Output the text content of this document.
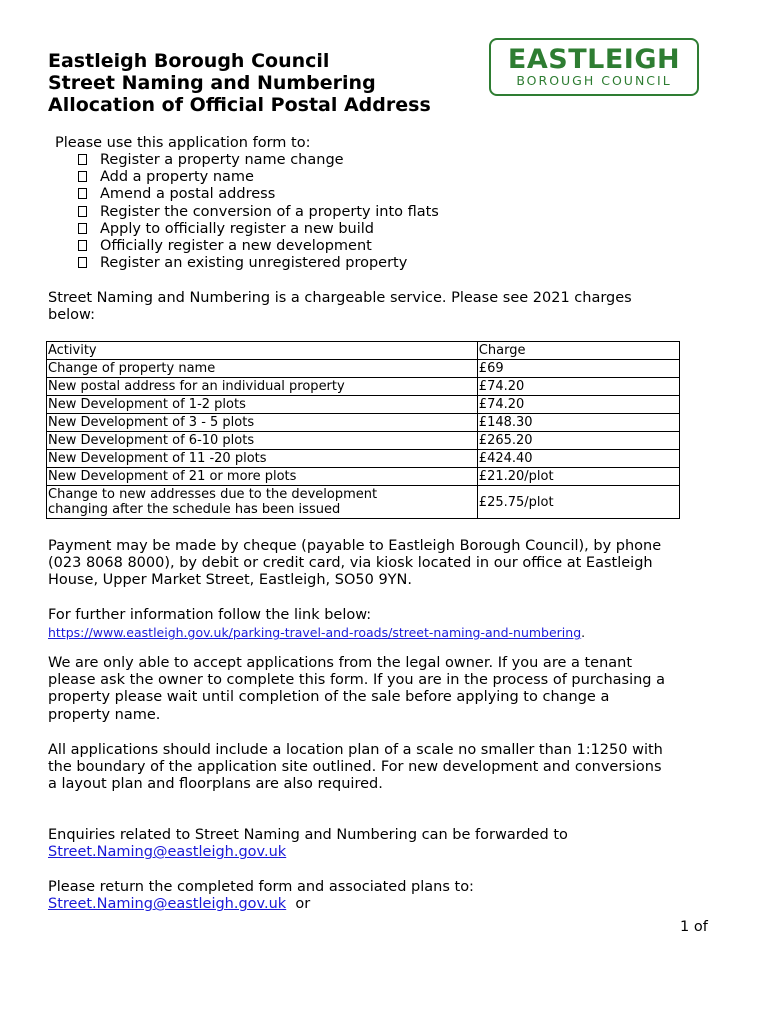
Eastleigh Borough Council
Street Naming and Numbering
Allocation of Official Postal Address
EASTLEIGH
BOROUGH COUNCIL
Please use this application form to:
Register a property name change
Add a property name
Amend a postal address
Register the conversion of a property into flats
Apply to officially register a new build
Officially register a new development
Register an existing unregistered property
Street Naming and Numbering is a chargeable service. Please see 2021 charges
below:
Activity	Charge
Change of property name	£69
New postal address for an individual property	£74.20
New Development of 1-2 plots	£74.20
New Development of 3 - 5 plots	£148.30
New Development of 6-10 plots	£265.20
New Development of 11 -20 plots	£424.40
New Development of 21 or more plots	£21.20/plot

Change to new addresses due to the development
changing after the schedule has been issued	£25.75/plot
Payment may be made by cheque (payable to Eastleigh Borough Council), by phone
(023 8068 8000), by debit or credit card, via kiosk located in our office at Eastleigh
House, Upper Market Street, Eastleigh, SO50 9YN.
For further information follow the link below:
https://www.eastleigh.gov.uk/parking-travel-and-roads/street-naming-and-numbering.
We are only able to accept applications from the legal owner. If you are a tenant
please ask the owner to complete this form. If you are in the process of purchasing a
property please wait until completion of the sale before applying to change a
property name.
All applications should include a location plan of a scale no smaller than 1:1250 with
the boundary of the application site outlined. For new development and conversions
a layout plan and floorplans are also required.
Enquiries related to Street Naming and Numbering can be forwarded to
Street.Naming@eastleigh.gov.uk
Please return the completed form and associated plans to:
Street.Naming@eastleigh.gov.uk or
1 of
